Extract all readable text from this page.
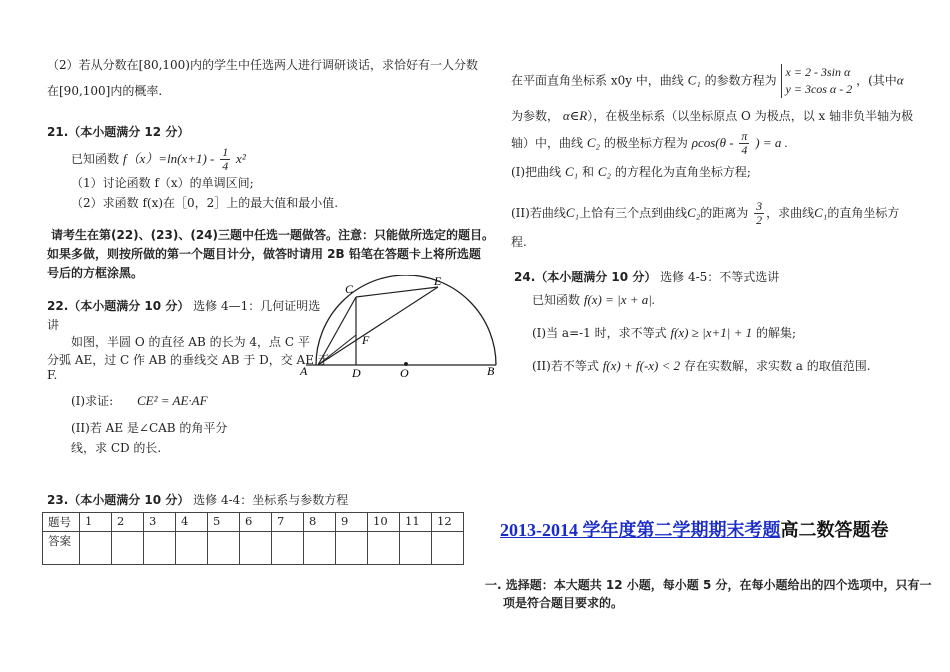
（2）若从分数在[80,100)内的学生中任选两人进行调研谈话，求恰好有一人分数
在[90,100]内的概率.
21.（本小题满分 12 分）
已知函数 $f(x)=\ln(x+1) - \frac{1}{4} x^2$
（1）讨论函数 f（x）的单调区间;
（2）求函数 f(x)在［0，2］上的最大值和最小值.
请考生在第(22)、(23)、(24)三题中任选一题做答。注意：只能做所选定的题目。
如果多做，则按所做的第一个题目计分，做答时请用 2B 铅笔在答题卡上将所选题
号后的方框涂黑。
22.（本小题满分 10 分） 选修 4—1：几何证明选
讲
如图，半圆 O 的直径 AB 的长为 4，点 C 平
分弧 AE，过 C 作 AB 的垂线交 AB 于 D，交 AE 于
F.
(I)求证: CE² = AE·AF
(II)若 AE 是∠CAB 的角平分
线，求 CD 的长.
A	B
C
D
E
F
O
23.（本小题满分 10 分） 选修 4-4：坐标系与参数方程
题号	1	2	3	4	5	6	7	8	9	10	11	12
答案												
在平面直角坐标系 x0y 中，曲线 C₁ 的参数方程为
x = 2 - 3sin α
y = 3cos α - 2
，(其中α
为参数， α∈R），在极坐标系（以坐标原点 O 为极点，以 x 轴非负半轴为极
轴）中，曲线 C₂ 的极坐标方程为 $\rho\cos(\theta - \frac{\pi}{4}$ ) = a .
(I)把曲线 C₁ 和 C₂ 的方程化为直角坐标方程;
(II)若曲线C₁上恰有三个点到曲线C₂的距离为 $\frac{3}{2}$ ，求曲线C₁的直角坐标方
程.
24.（本小题满分 10 分） 选修 4-5：不等式选讲
已知函数 f(x) = |x + a|.
(I)当 a=-1 时，求不等式 f(x) ≥ |x+1| + 1 的解集;
(II)若不等式 f(x) + f(-x) < 2 存在实数解，求实数 a 的取值范围.
2013-2014 学年度第二学期期末考题高二数答题卷
一. 选择题：本大题共 12 小题，每小题 5 分，在每小题给出的四个选项中，只有一
项是符合题目要求的。
